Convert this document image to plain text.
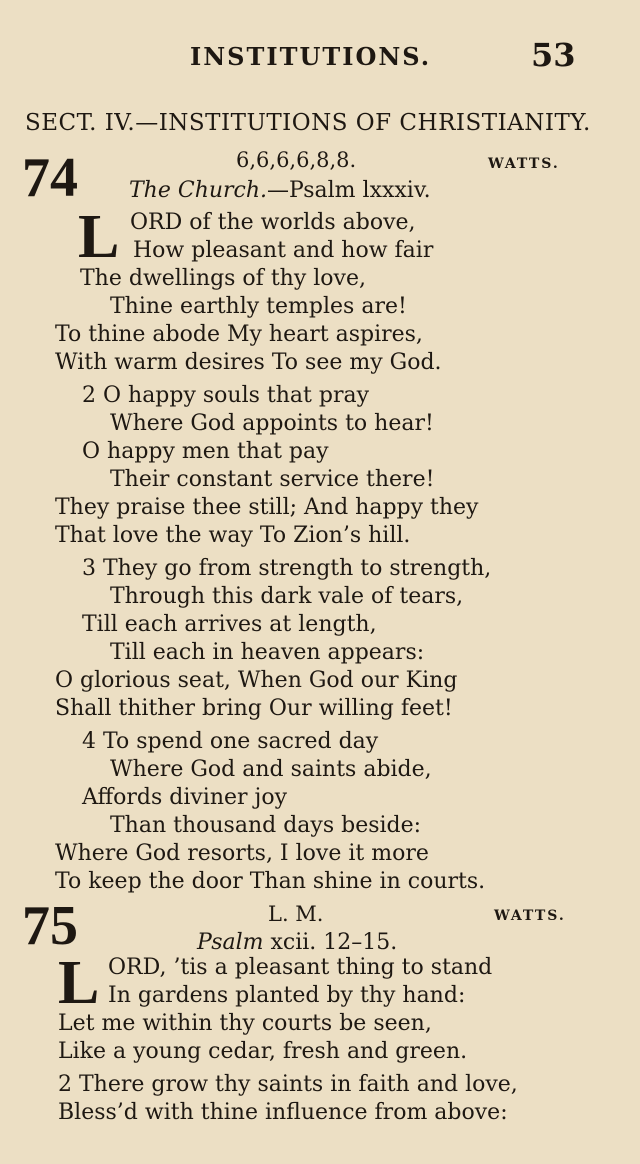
INSTITUTIONS.	53
SECT. IV.—INSTITUTIONS OF CHRISTIANITY.
74	6,6,6,6,8,8.	WATTS.
The Church.—Psalm lxxxiv.
L ORD of the worlds above,
How pleasant and how fair
The dwellings of thy love,
Thine earthly temples are!
To thine abode My heart aspires,
With warm desires To see my God.
2 O happy souls that pray
Where God appoints to hear!
O happy men that pay
Their constant service there!
They praise thee still; And happy they
That love the way To Zion’s hill.
3 They go from strength to strength,
Through this dark vale of tears,
Till each arrives at length,
Till each in heaven appears:
O glorious seat, When God our King
Shall thither bring Our willing feet!
4 To spend one sacred day
Where God and saints abide,
Affords diviner joy
Than thousand days beside:
Where God resorts, I love it more
To keep the door Than shine in courts.
75	L. M.	WATTS.
Psalm xcii. 12–15.
L ORD, ’tis a pleasant thing to stand
In gardens planted by thy hand:
Let me within thy courts be seen,
Like a young cedar, fresh and green.
2 There grow thy saints in faith and love,
Bless’d with thine influence from above:
